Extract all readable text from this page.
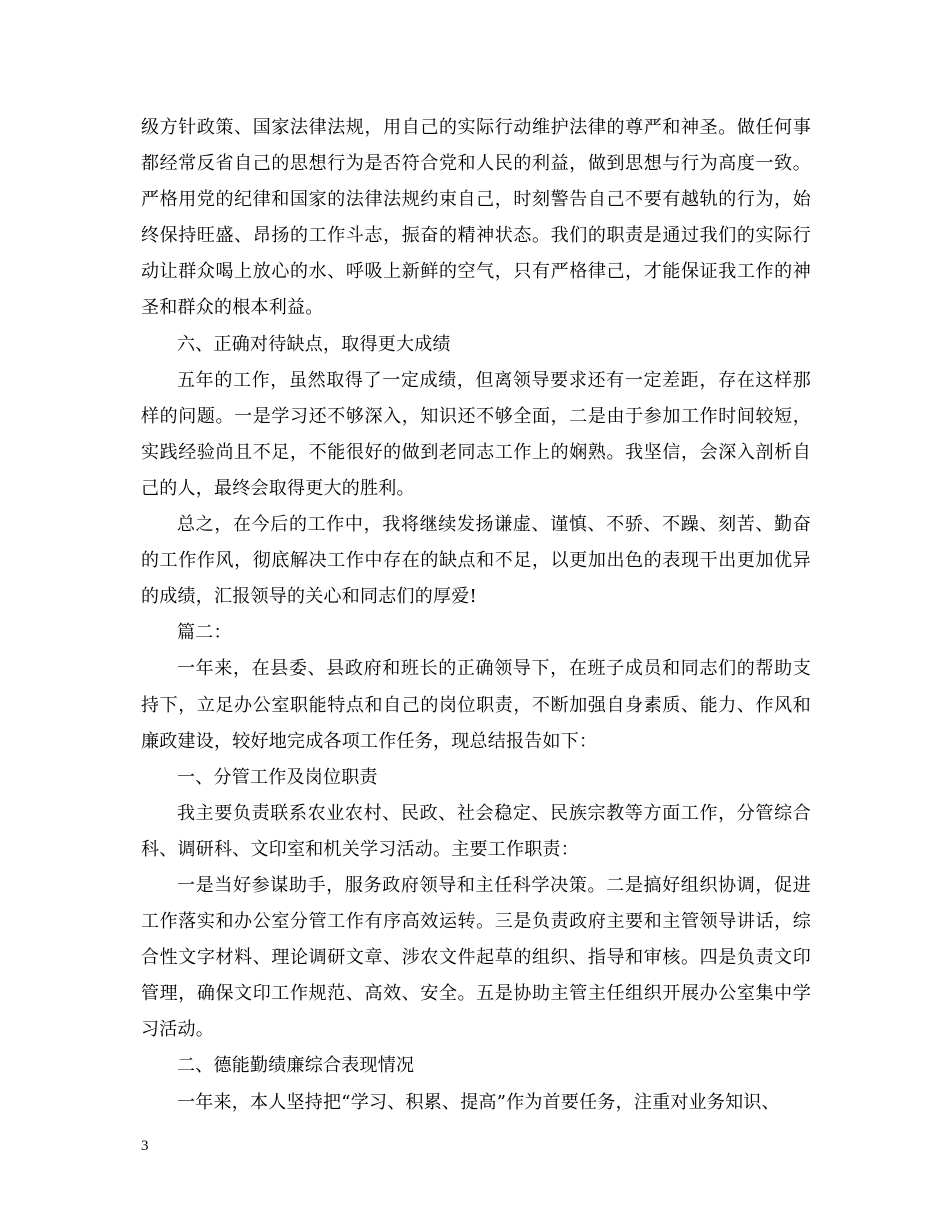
级方针政策、国家法律法规，用自己的实际行动维护法律的尊严和神圣。做任何事都经常反省自己的思想行为是否符合党和人民的利益，做到思想与行为高度一致。严格用党的纪律和国家的法律法规约束自己，时刻警告自己不要有越轨的行为，始终保持旺盛、昂扬的工作斗志，振奋的精神状态。我们的职责是通过我们的实际行动让群众喝上放心的水、呼吸上新鲜的空气，只有严格律己，才能保证我工作的神圣和群众的根本利益。

六、正确对待缺点，取得更大成绩

五年的工作，虽然取得了一定成绩，但离领导要求还有一定差距，存在这样那样的问题。一是学习还不够深入，知识还不够全面，二是由于参加工作时间较短，实践经验尚且不足，不能很好的做到老同志工作上的娴熟。我坚信，会深入剖析自己的人，最终会取得更大的胜利。

总之，在今后的工作中，我将继续发扬谦虚、谨慎、不骄、不躁、刻苦、勤奋的工作作风，彻底解决工作中存在的缺点和不足，以更加出色的表现干出更加优异的成绩，汇报领导的关心和同志们的厚爱!

篇二：

一年来，在县委、县政府和班长的正确领导下，在班子成员和同志们的帮助支持下，立足办公室职能特点和自己的岗位职责，不断加强自身素质、能力、作风和廉政建设，较好地完成各项工作任务，现总结报告如下：

一、分管工作及岗位职责

我主要负责联系农业农村、民政、社会稳定、民族宗教等方面工作，分管综合科、调研科、文印室和机关学习活动。主要工作职责：

一是当好参谋助手，服务政府领导和主任科学决策。二是搞好组织协调，促进工作落实和办公室分管工作有序高效运转。三是负责政府主要和主管领导讲话，综合性文字材料、理论调研文章、涉农文件起草的组织、指导和审核。四是负责文印管理，确保文印工作规范、高效、安全。五是协助主管主任组织开展办公室集中学习活动。

二、德能勤绩廉综合表现情况

一年来，本人坚持把“学习、积累、提高”作为首要任务，注重对业务知识、

3
